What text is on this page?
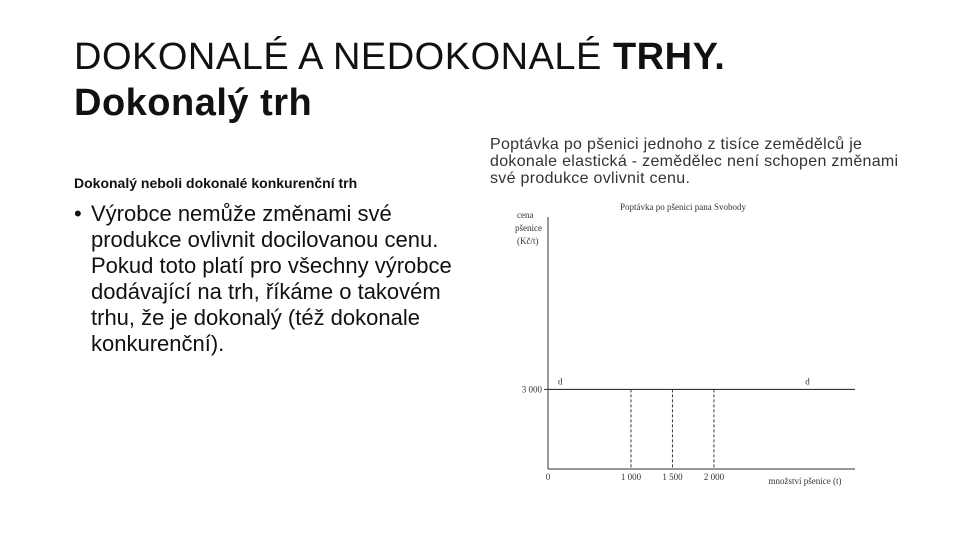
DOKONALÉ A NEDOKONALÉ TRHY. Dokonalý trh
Dokonalý neboli dokonalé konkurenční trh
• Výrobce nemůže změnami své produkce ovlivnit docilovanou cenu. Pokud toto platí pro všechny výrobce dodávající na trh, říkáme o takovém trhu, že je dokonalý (též dokonale konkurenční).
Poptávka po pšenici jednoho z tisíce zemědělců je dokonale elastická - zemědělec není schopen změnami své produkce ovlivnit cenu.
Poptávka po pšenici pana Svobody
cena
pšenice
(Kč/t)
množství pšenice (t)
0
3 000
1 000 1 500 2 000
d	d
